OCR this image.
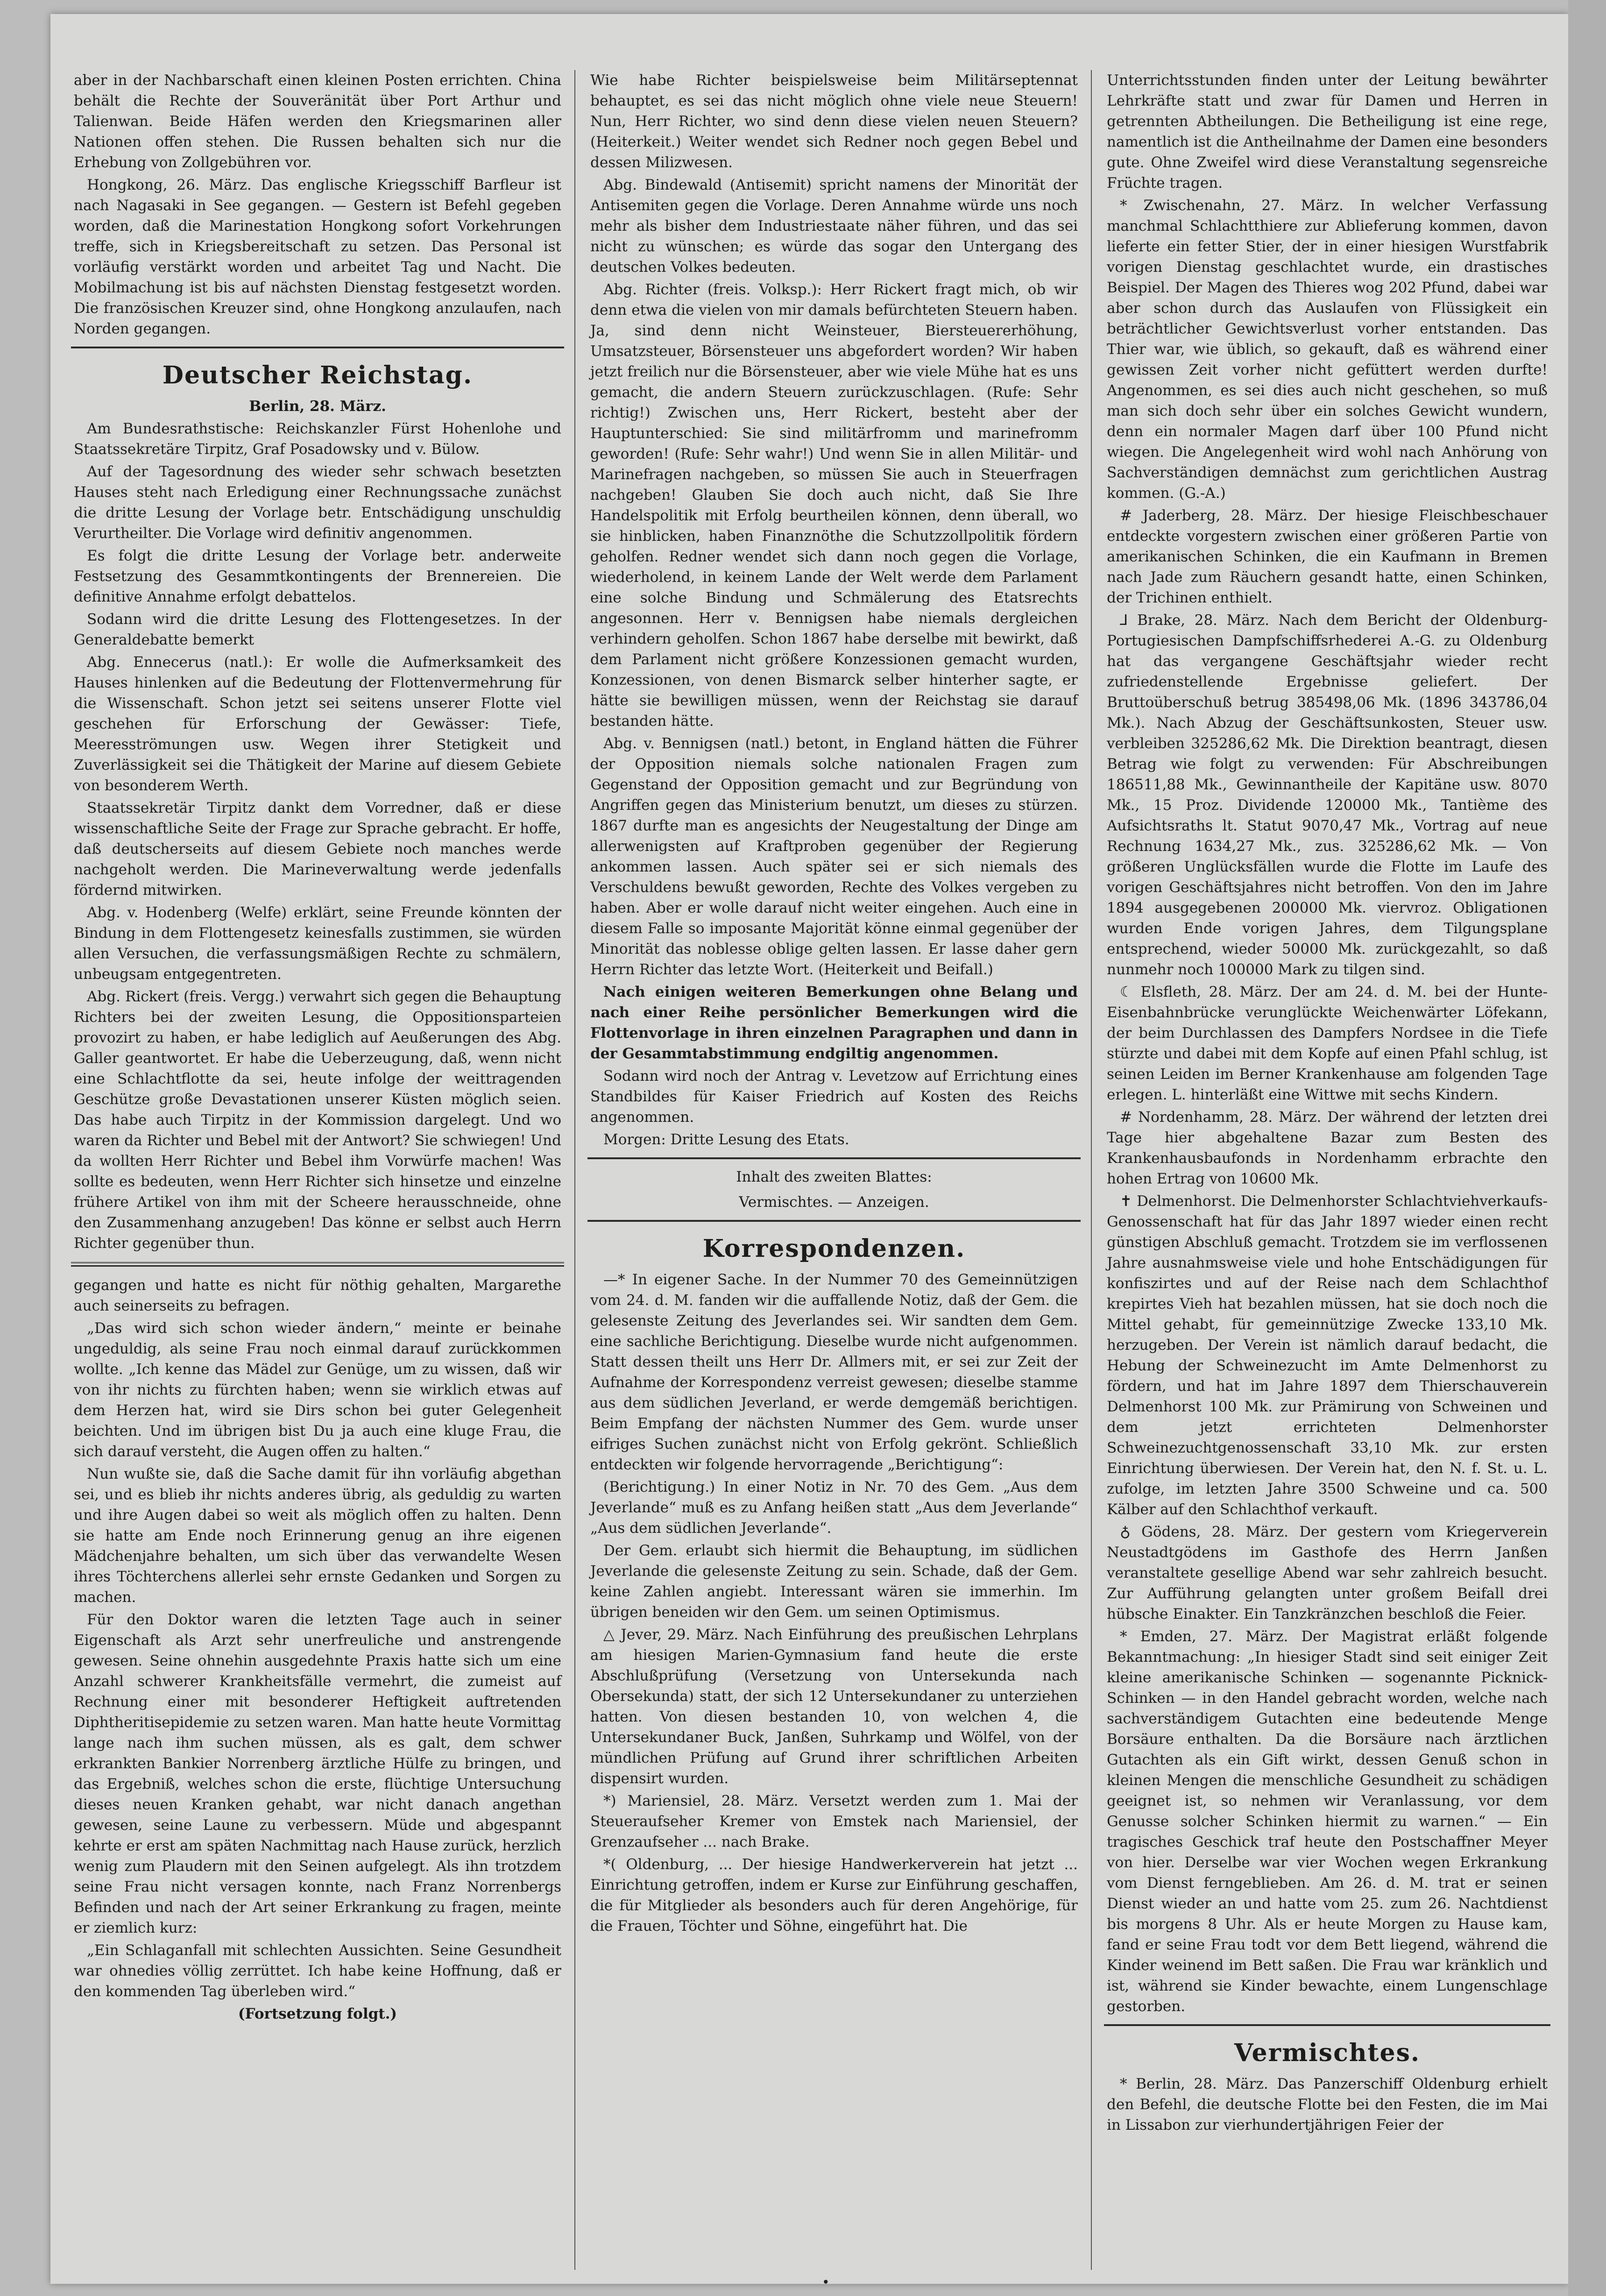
aber in der Nachbarschaft einen kleinen Posten errichten. China behält die Rechte der Souveränität über Port Arthur und Talienwan. Beide Häfen werden den Kriegsmarinen aller Nationen offen stehen. Die Russen behalten sich nur die Erhebung von Zollgebühren vor.

Hongkong, 26. März. Das englische Kriegsschiff Barfleur ist nach Nagasaki in See gegangen. — Gestern ist Befehl gegeben worden, daß die Marinestation Hongkong sofort Vorkehrungen treffe, sich in Kriegsbereitschaft zu setzen. Das Personal ist vorläufig verstärkt worden und arbeitet Tag und Nacht. Die Mobilmachung ist bis auf nächsten Dienstag festgesetzt worden. Die französischen Kreuzer sind, ohne Hongkong anzulaufen, nach Norden gegangen.

Deutscher Reichstag.
Berlin, 28. März.

Am Bundesrathstische: Reichskanzler Fürst Hohenlohe und Staatssekretäre Tirpitz, Graf Posadowsky und v. Bülow.

Auf der Tagesordnung des wieder sehr schwach besetzten Hauses steht nach Erledigung einer Rechnungssache zunächst die dritte Lesung der Vorlage betr. Entschädigung unschuldig Verurtheilter. Die Vorlage wird definitiv angenommen.

Es folgt die dritte Lesung der Vorlage betr. anderweite Festsetzung des Gesammtkontingents der Brennereien. Die definitive Annahme erfolgt debattelos.

Sodann wird die dritte Lesung des Flottengesetzes. In der Generaldebatte bemerkt

Abg. Ennecerus (natl.): Er wolle die Aufmerksamkeit des Hauses hinlenken auf die Bedeutung der Flottenvermehrung für die Wissenschaft. Schon jetzt sei seitens unserer Flotte viel geschehen für Erforschung der Gewässer: Tiefe, Meeresströmungen usw. Wegen ihrer Stetigkeit und Zuverlässigkeit sei die Thätigkeit der Marine auf diesem Gebiete von besonderem Werth.

Staatssekretär Tirpitz dankt dem Vorredner, daß er diese wissenschaftliche Seite der Frage zur Sprache gebracht. Er hoffe, daß deutscherseits auf diesem Gebiete noch manches werde nachgeholt werden. Die Marineverwaltung werde jedenfalls fördernd mitwirken.

Abg. v. Hodenberg (Welfe) erklärt, seine Freunde könnten der Bindung in dem Flottengesetz keinesfalls zustimmen, sie würden allen Versuchen, die verfassungsmäßigen Rechte zu schmälern, unbeugsam entgegentreten.

Abg. Rickert (freis. Vergg.) verwahrt sich gegen die Behauptung Richters bei der zweiten Lesung, die Oppositionsparteien provozirt zu haben, er habe lediglich auf Aeußerungen des Abg. Galler geantwortet. Er habe die Ueberzeugung, daß, wenn nicht eine Schlachtflotte da sei, heute infolge der weittragenden Geschütze große Devastationen unserer Küsten möglich seien. Das habe auch Tirpitz in der Kommission dargelegt. Und wo waren da Richter und Bebel mit der Antwort? Sie schwiegen! Und da wollten Herr Richter und Bebel ihm Vorwürfe machen! Was sollte es bedeuten, wenn Herr Richter sich hinsetze und einzelne frühere Artikel von ihm mit der Scheere herausschneide, ohne den Zusammenhang anzugeben! Das könne er selbst auch Herrn Richter gegenüber thun.

gegangen und hatte es nicht für nöthig gehalten, Margarethe auch seinerseits zu befragen.

„Das wird sich schon wieder ändern,“ meinte er beinahe ungeduldig, als seine Frau noch einmal darauf zurückkommen wollte. „Ich kenne das Mädel zur Genüge, um zu wissen, daß wir von ihr nichts zu fürchten haben; wenn sie wirklich etwas auf dem Herzen hat, wird sie Dirs schon bei guter Gelegenheit beichten. Und im übrigen bist Du ja auch eine kluge Frau, die sich darauf versteht, die Augen offen zu halten.“

Nun wußte sie, daß die Sache damit für ihn vorläufig abgethan sei, und es blieb ihr nichts anderes übrig, als geduldig zu warten und ihre Augen dabei so weit als möglich offen zu halten. Denn sie hatte am Ende noch Erinnerung genug an ihre eigenen Mädchenjahre behalten, um sich über das verwandelte Wesen ihres Töchterchens allerlei sehr ernste Gedanken und Sorgen zu machen.

Für den Doktor waren die letzten Tage auch in seiner Eigenschaft als Arzt sehr unerfreuliche und anstrengende gewesen. Seine ohnehin ausgedehnte Praxis hatte sich um eine Anzahl schwerer Krankheitsfälle vermehrt, die zumeist auf Rechnung einer mit besonderer Heftigkeit auftretenden Diphtheritisepidemie zu setzen waren. Man hatte heute Vormittag lange nach ihm suchen müssen, als es galt, dem schwer erkrankten Bankier Norrenberg ärztliche Hülfe zu bringen, und das Ergebniß, welches schon die erste, flüchtige Untersuchung dieses neuen Kranken gehabt, war nicht danach angethan gewesen, seine Laune zu verbessern. Müde und abgespannt kehrte er erst am späten Nachmittag nach Hause zurück, herzlich wenig zum Plaudern mit den Seinen aufgelegt. Als ihn trotzdem seine Frau nicht versagen konnte, nach Franz Norrenbergs Befinden und nach der Art seiner Erkrankung zu fragen, meinte er ziemlich kurz:

„Ein Schlaganfall mit schlechten Aussichten. Seine Gesundheit war ohnedies völlig zerrüttet. Ich habe keine Hoffnung, daß er den kommenden Tag überleben wird.“

(Fortsetzung folgt.)

Wie habe Richter beispielsweise beim Militärseptennat behauptet, es sei das nicht möglich ohne viele neue Steuern! Nun, Herr Richter, wo sind denn diese vielen neuen Steuern? (Heiterkeit.) Weiter wendet sich Redner noch gegen Bebel und dessen Milizwesen.

Abg. Bindewald (Antisemit) spricht namens der Minorität der Antisemiten gegen die Vorlage. Deren Annahme würde uns noch mehr als bisher dem Industriestaate näher führen, und das sei nicht zu wünschen; es würde das sogar den Untergang des deutschen Volkes bedeuten.

Abg. Richter (freis. Volksp.): Herr Rickert fragt mich, ob wir denn etwa die vielen von mir damals befürchteten Steuern haben. Ja, sind denn nicht Weinsteuer, Biersteuererhöhung, Umsatzsteuer, Börsensteuer uns abgefordert worden? Wir haben jetzt freilich nur die Börsensteuer, aber wie viele Mühe hat es uns gemacht, die andern Steuern zurückzuschlagen. (Rufe: Sehr richtig!) Zwischen uns, Herr Rickert, besteht aber der Hauptunterschied: Sie sind militärfromm und marinefromm geworden! (Rufe: Sehr wahr!) Und wenn Sie in allen Militär- und Marinefragen nachgeben, so müssen Sie auch in Steuerfragen nachgeben! Glauben Sie doch auch nicht, daß Sie Ihre Handelspolitik mit Erfolg beurtheilen können, denn überall, wo sie hinblicken, haben Finanznöthe die Schutzzollpolitik fördern geholfen. Redner wendet sich dann noch gegen die Vorlage, wiederholend, in keinem Lande der Welt werde dem Parlament eine solche Bindung und Schmälerung des Etatsrechts angesonnen. Herr v. Bennigsen habe niemals dergleichen verhindern geholfen. Schon 1867 habe derselbe mit bewirkt, daß dem Parlament nicht größere Konzessionen gemacht wurden, Konzessionen, von denen Bismarck selber hinterher sagte, er hätte sie bewilligen müssen, wenn der Reichstag sie darauf bestanden hätte.

Abg. v. Bennigsen (natl.) betont, in England hätten die Führer der Opposition niemals solche nationalen Fragen zum Gegenstand der Opposition gemacht und zur Begründung von Angriffen gegen das Ministerium benutzt, um dieses zu stürzen. 1867 durfte man es angesichts der Neugestaltung der Dinge am allerwenigsten auf Kraftproben gegenüber der Regierung ankommen lassen. Auch später sei er sich niemals des Verschuldens bewußt geworden, Rechte des Volkes vergeben zu haben. Aber er wolle darauf nicht weiter eingehen. Auch eine in diesem Falle so imposante Majorität könne einmal gegenüber der Minorität das noblesse oblige gelten lassen. Er lasse daher gern Herrn Richter das letzte Wort. (Heiterkeit und Beifall.)

Nach einigen weiteren Bemerkungen ohne Belang und nach einer Reihe persönlicher Bemerkungen wird die Flottenvorlage in ihren einzelnen Paragraphen und dann in der Gesammtabstimmung endgiltig angenommen.

Sodann wird noch der Antrag v. Levetzow auf Errichtung eines Standbildes für Kaiser Friedrich auf Kosten des Reichs angenommen.

Morgen: Dritte Lesung des Etats.

Inhalt des zweiten Blattes:
Vermischtes. — Anzeigen.
Korrespondenzen.

—* In eigener Sache. In der Nummer 70 des Gemeinnützigen vom 24. d. M. fanden wir die auffallende Notiz, daß der Gem. die gelesenste Zeitung des Jeverlandes sei. Wir sandten dem Gem. eine sachliche Berichtigung. Dieselbe wurde nicht aufgenommen. Statt dessen theilt uns Herr Dr. Allmers mit, er sei zur Zeit der Aufnahme der Korrespondenz verreist gewesen; dieselbe stamme aus dem südlichen Jeverland, er werde demgemäß berichtigen. Beim Empfang der nächsten Nummer des Gem. wurde unser eifriges Suchen zunächst nicht von Erfolg gekrönt. Schließlich entdeckten wir folgende hervorragende „Berichtigung“:

(Berichtigung.) In einer Notiz in Nr. 70 des Gem. „Aus dem Jeverlande“ muß es zu Anfang heißen statt „Aus dem Jeverlande“ „Aus dem südlichen Jeverlande“.

Der Gem. erlaubt sich hiermit die Behauptung, im südlichen Jeverlande die gelesenste Zeitung zu sein. Schade, daß der Gem. keine Zahlen angiebt. Interessant wären sie immerhin. Im übrigen beneiden wir den Gem. um seinen Optimismus.

△ Jever, 29. März. Nach Einführung des preußischen Lehrplans am hiesigen Marien-Gymnasium fand heute die erste Abschlußprüfung (Versetzung von Untersekunda nach Obersekunda) statt, der sich 12 Untersekundaner zu unterziehen hatten. Von diesen bestanden 10, von welchen 4, die Untersekundaner Buck, Janßen, Suhrkamp und Wölfel, von der mündlichen Prüfung auf Grund ihrer schriftlichen Arbeiten dispensirt wurden.

*) Mariensiel, 28. März. Versetzt werden zum 1. Mai der Steueraufseher Kremer von Emstek nach Mariensiel, der Grenzaufseher ... nach Brake.

*( Oldenburg, ... Der hiesige Handwerkerverein hat jetzt ... Einrichtung getroffen, indem er Kurse zur Einführung geschaffen, die für Mitglieder als besonders auch für deren Angehörige, für die Frauen, Töchter und Söhne, eingeführt hat. Die

Unterrichtsstunden finden unter der Leitung bewährter Lehrkräfte statt und zwar für Damen und Herren in getrennten Abtheilungen. Die Betheiligung ist eine rege, namentlich ist die Antheilnahme der Damen eine besonders gute. Ohne Zweifel wird diese Veranstaltung segensreiche Früchte tragen.

* Zwischenahn, 27. März. In welcher Verfassung manchmal Schlachtthiere zur Ablieferung kommen, davon lieferte ein fetter Stier, der in einer hiesigen Wurstfabrik vorigen Dienstag geschlachtet wurde, ein drastisches Beispiel. Der Magen des Thieres wog 202 Pfund, dabei war aber schon durch das Auslaufen von Flüssigkeit ein beträchtlicher Gewichtsverlust vorher entstanden. Das Thier war, wie üblich, so gekauft, daß es während einer gewissen Zeit vorher nicht gefüttert werden durfte! Angenommen, es sei dies auch nicht geschehen, so muß man sich doch sehr über ein solches Gewicht wundern, denn ein normaler Magen darf über 100 Pfund nicht wiegen. Die Angelegenheit wird wohl nach Anhörung von Sachverständigen demnächst zum gerichtlichen Austrag kommen. (G.-A.)

# Jaderberg, 28. März. Der hiesige Fleischbeschauer entdeckte vorgestern zwischen einer größeren Partie von amerikanischen Schinken, die ein Kaufmann in Bremen nach Jade zum Räuchern gesandt hatte, einen Schinken, der Trichinen enthielt.

⅃ Brake, 28. März. Nach dem Bericht der Oldenburg-Portugiesischen Dampfschiffsrhederei A.-G. zu Oldenburg hat das vergangene Geschäftsjahr wieder recht zufriedenstellende Ergebnisse geliefert. Der Bruttoüberschuß betrug 385498,06 Mk. (1896 343786,04 Mk.). Nach Abzug der Geschäftsunkosten, Steuer usw. verbleiben 325286,62 Mk. Die Direktion beantragt, diesen Betrag wie folgt zu verwenden: Für Abschreibungen 186511,88 Mk., Gewinnantheile der Kapitäne usw. 8070 Mk., 15 Proz. Dividende 120000 Mk., Tantième des Aufsichtsraths lt. Statut 9070,47 Mk., Vortrag auf neue Rechnung 1634,27 Mk., zus. 325286,62 Mk. — Von größeren Unglücksfällen wurde die Flotte im Laufe des vorigen Geschäftsjahres nicht betroffen. Von den im Jahre 1894 ausgegebenen 200000 Mk. viervroz. Obligationen wurden Ende vorigen Jahres, dem Tilgungsplane entsprechend, wieder 50000 Mk. zurückgezahlt, so daß nunmehr noch 100000 Mark zu tilgen sind.

☾ Elsfleth, 28. März. Der am 24. d. M. bei der Hunte-Eisenbahnbrücke verunglückte Weichenwärter Löfekann, der beim Durchlassen des Dampfers Nordsee in die Tiefe stürzte und dabei mit dem Kopfe auf einen Pfahl schlug, ist seinen Leiden im Berner Krankenhause am folgenden Tage erlegen. L. hinterläßt eine Wittwe mit sechs Kindern.

# Nordenhamm, 28. März. Der während der letzten drei Tage hier abgehaltene Bazar zum Besten des Krankenhausbaufonds in Nordenhamm erbrachte den hohen Ertrag von 10600 Mk.

✝ Delmenhorst. Die Delmenhorster Schlachtviehverkaufs-Genossenschaft hat für das Jahr 1897 wieder einen recht günstigen Abschluß gemacht. Trotzdem sie im verflossenen Jahre ausnahmsweise viele und hohe Entschädigungen für konfiszirtes und auf der Reise nach dem Schlachthof krepirtes Vieh hat bezahlen müssen, hat sie doch noch die Mittel gehabt, für gemeinnützige Zwecke 133,10 Mk. herzugeben. Der Verein ist nämlich darauf bedacht, die Hebung der Schweinezucht im Amte Delmenhorst zu fördern, und hat im Jahre 1897 dem Thierschauverein Delmenhorst 100 Mk. zur Prämirung von Schweinen und dem jetzt errichteten Delmenhorster Schweinezuchtgenossenschaft 33,10 Mk. zur ersten Einrichtung überwiesen. Der Verein hat, den N. f. St. u. L. zufolge, im letzten Jahre 3500 Schweine und ca. 500 Kälber auf den Schlachthof verkauft.

♁ Gödens, 28. März. Der gestern vom Kriegerverein Neustadtgödens im Gasthofe des Herrn Janßen veranstaltete gesellige Abend war sehr zahlreich besucht. Zur Aufführung gelangten unter großem Beifall drei hübsche Einakter. Ein Tanzkränzchen beschloß die Feier.

* Emden, 27. März. Der Magistrat erläßt folgende Bekanntmachung: „In hiesiger Stadt sind seit einiger Zeit kleine amerikanische Schinken — sogenannte Picknick-Schinken — in den Handel gebracht worden, welche nach sachverständigem Gutachten eine bedeutende Menge Borsäure enthalten. Da die Borsäure nach ärztlichen Gutachten als ein Gift wirkt, dessen Genuß schon in kleinen Mengen die menschliche Gesundheit zu schädigen geeignet ist, so nehmen wir Veranlassung, vor dem Genusse solcher Schinken hiermit zu warnen.“ — Ein tragisches Geschick traf heute den Postschaffner Meyer von hier. Derselbe war vier Wochen wegen Erkrankung vom Dienst ferngeblieben. Am 26. d. M. trat er seinen Dienst wieder an und hatte vom 25. zum 26. Nachtdienst bis morgens 8 Uhr. Als er heute Morgen zu Hause kam, fand er seine Frau todt vor dem Bett liegend, während die Kinder weinend im Bett saßen. Die Frau war kränklich und ist, während sie Kinder bewachte, einem Lungenschlage gestorben.

Vermischtes.

* Berlin, 28. März. Das Panzerschiff Oldenburg erhielt den Befehl, die deutsche Flotte bei den Festen, die im Mai in Lissabon zur vierhundertjährigen Feier der

•
